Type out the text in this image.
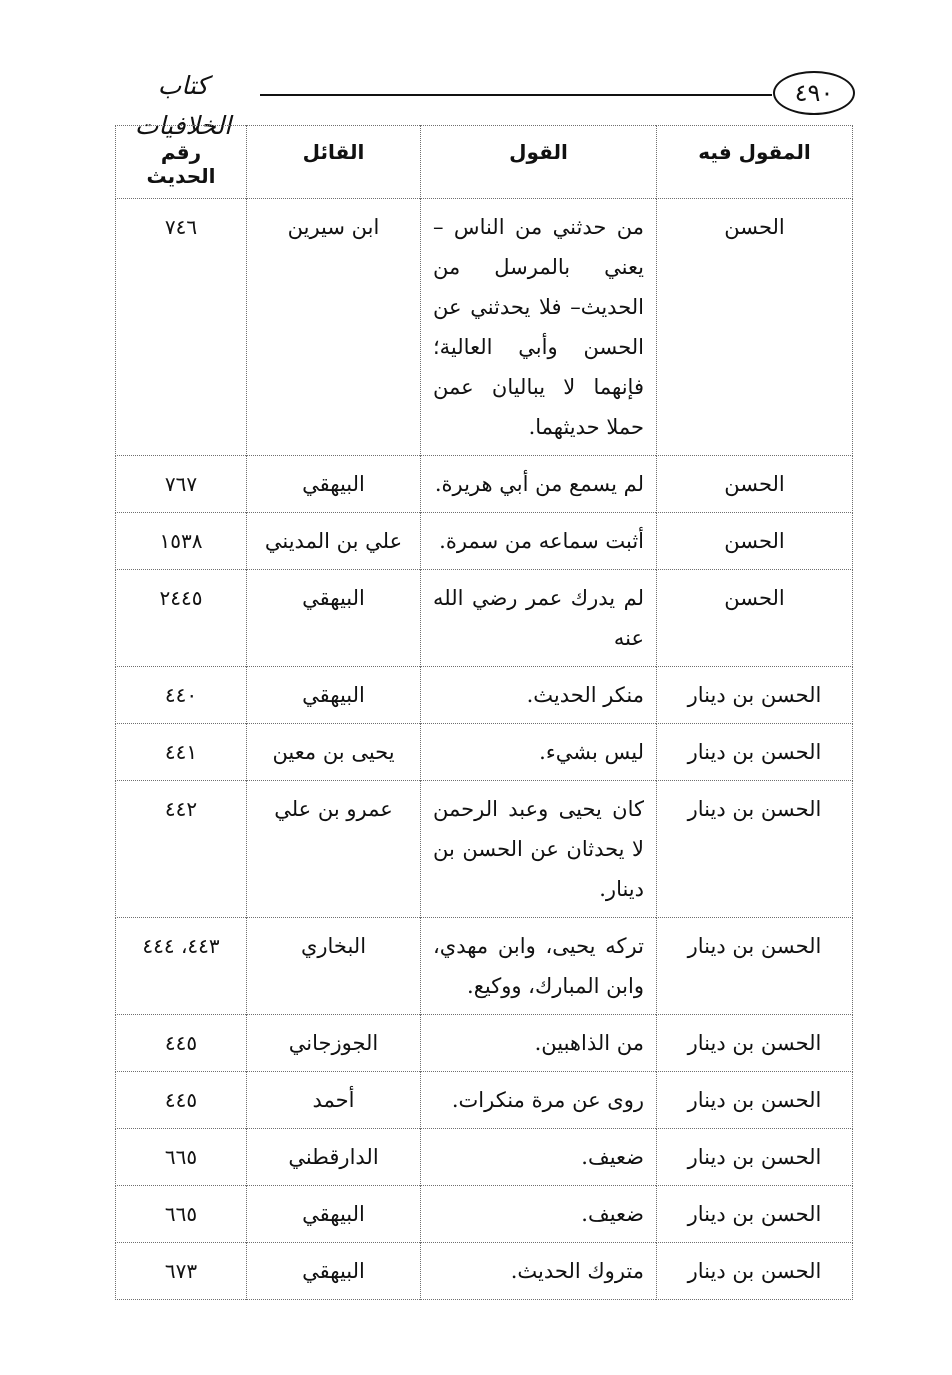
كتاب الخلافيات
٤٩٠
المقول فيه	القول	القائل	رقم الحديث
الحسن	من حدثني من الناس – يعني بالمرسل من الحديث– فلا يحدثني عن الحسن وأبي العالية؛ فإنهما لا يباليان عمن حملا حديثهما.	ابن سيرين	٧٤٦
الحسن	لم يسمع من أبي هريرة.	البيهقي	٧٦٧
الحسن	أثبت سماعه من سمرة.	علي بن المديني	١٥٣٨
الحسن	لم يدرك عمر رضي الله عنه	البيهقي	٢٤٤٥
الحسن بن دينار	منكر الحديث.	البيهقي	٤٤٠
الحسن بن دينار	ليس بشيء.	يحيى بن معين	٤٤١
الحسن بن دينار	كان يحيى وعبد الرحمن لا يحدثان عن الحسن بن دينار.	عمرو بن علي	٤٤٢
الحسن بن دينار	تركه يحيى، وابن مهدي، وابن المبارك، ووكيع.	البخاري	٤٤٣، ٤٤٤
الحسن بن دينار	من الذاهبين.	الجوزجاني	٤٤٥
الحسن بن دينار	روى عن مرة منكرات.	أحمد	٤٤٥
الحسن بن دينار	ضعيف.	الدارقطني	٦٦٥
الحسن بن دينار	ضعيف.	البيهقي	٦٦٥
الحسن بن دينار	متروك الحديث.	البيهقي	٦٧٣
